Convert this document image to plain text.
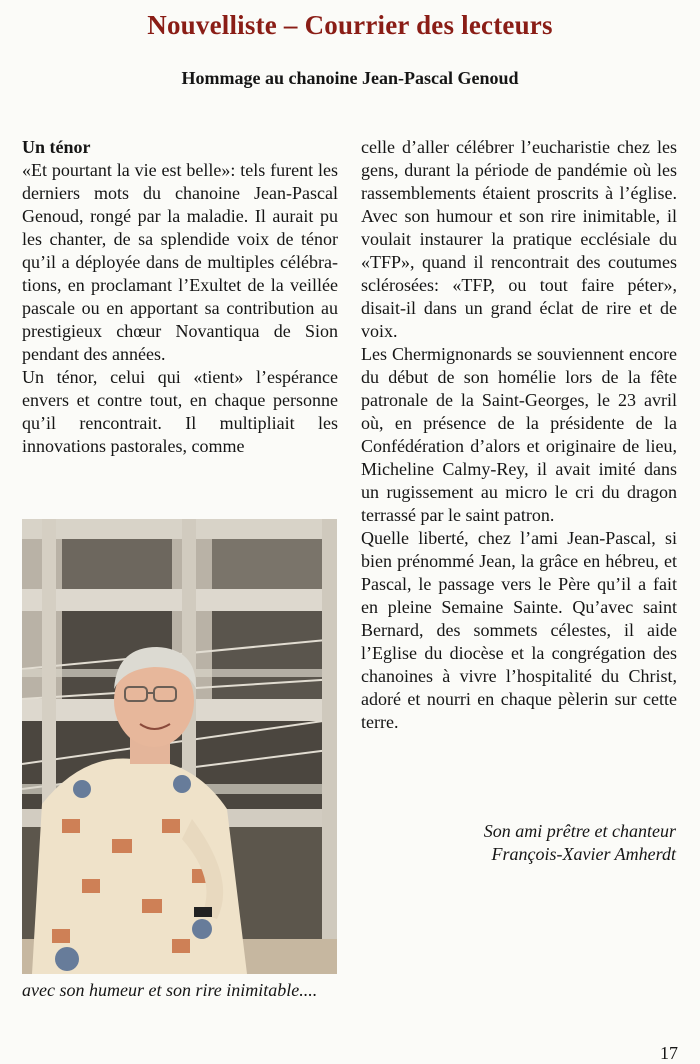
Nouvelliste – Courrier des lecteurs
Hommage au chanoine Jean-Pascal Genoud

Un ténor

«Et pourtant la vie est belle»: tels furent les derniers mots du chanoine Jean-Pascal Genoud, rongé par la maladie. Il aurait pu les chanter, de sa splendide voix de ténor qu’il a déployée dans de multiples célébrations, en proclamant l’Exultet de la veillée pascale ou en apportant sa contribution au prestigieux chœur Novantiqua de Sion pendant des années.

Un ténor, celui qui «tient» l’espérance envers et contre tout, en chaque personne qu’il rencontrait. Il multipliait les innovations pastorales, comme

avec son humeur et son rire inimitable....

celle d’aller célébrer l’eucharistie chez les gens, durant la période de pandémie où les rassemblements étaient proscrits à l’église. Avec son humour et son rire inimitable, il voulait instaurer la pratique ecclésiale du «TFP», quand il rencontrait des coutumes sclérosées: «TFP, ou tout faire péter», disait-il dans un grand éclat de rire et de voix.

Les Chermignonards se souviennent encore du début de son homélie lors de la fête patronale de la Saint-Georges, le 23 avril où, en présence de la présidente de la Confédération d’alors et originaire de lieu, Micheline Calmy-Rey, il avait imité dans un rugissement au micro le cri du dragon terrassé par le saint patron.

Quelle liberté, chez l’ami Jean-Pascal, si bien prénommé Jean, la grâce en hébreu, et Pascal, le passage vers le Père qu’il a fait en pleine Semaine Sainte. Qu’avec saint Bernard, des sommets célestes, il aide l’Eglise du diocèse et la congrégation des chanoines à vivre l’hospitalité du Christ, adoré et nourri en chaque pèlerin sur cette terre.

Son ami prêtre et chanteur
François-Xavier Amherdt
17
